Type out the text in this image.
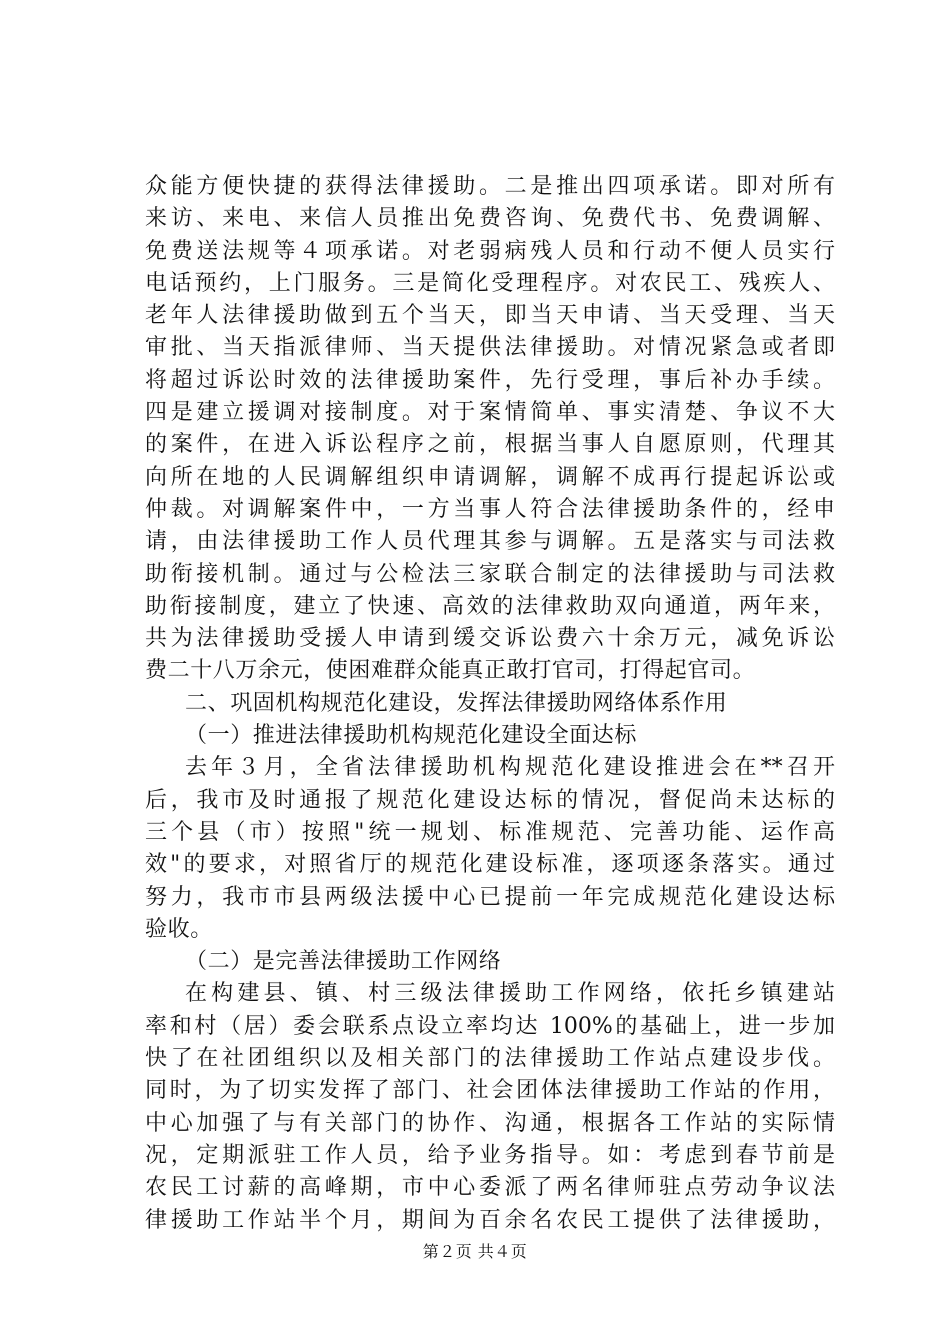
众能方便快捷的获得法律援助。二是推出四项承诺。即对所有
来访、来电、来信人员推出免费咨询、免费代书、免费调解、
免费送法规等４项承诺。对老弱病残人员和行动不便人员实行
电话预约，上门服务。三是简化受理程序。对农民工、残疾人、
老年人法律援助做到五个当天，即当天申请、当天受理、当天
审批、当天指派律师、当天提供法律援助。对情况紧急或者即
将超过诉讼时效的法律援助案件，先行受理，事后补办手续。
四是建立援调对接制度。对于案情简单、事实清楚、争议不大
的案件，在进入诉讼程序之前，根据当事人自愿原则，代理其
向所在地的人民调解组织申请调解，调解不成再行提起诉讼或
仲裁。对调解案件中，一方当事人符合法律援助条件的，经申
请，由法律援助工作人员代理其参与调解。五是落实与司法救
助衔接机制。通过与公检法三家联合制定的法律援助与司法救
助衔接制度，建立了快速、高效的法律救助双向通道，两年来，
共为法律援助受援人申请到缓交诉讼费六十余万元，减免诉讼
费二十八万余元，使困难群众能真正敢打官司，打得起官司。
二、巩固机构规范化建设，发挥法律援助网络体系作用
（一）推进法律援助机构规范化建设全面达标
去年３月，全省法律援助机构规范化建设推进会在**召开
后，我市及时通报了规范化建设达标的情况，督促尚未达标的
三个县（市）按照"统一规划、标准规范、完善功能、运作高
效"的要求，对照省厅的规范化建设标准，逐项逐条落实。通过
努力，我市市县两级法援中心已提前一年完成规范化建设达标
验收。
（二）是完善法律援助工作网络
在构建县、镇、村三级法律援助工作网络，依托乡镇建站
率和村（居）委会联系点设立率均达 100%的基础上，进一步加
快了在社团组织以及相关部门的法律援助工作站点建设步伐。
同时，为了切实发挥了部门、社会团体法律援助工作站的作用，
中心加强了与有关部门的协作、沟通，根据各工作站的实际情
况，定期派驻工作人员，给予业务指导。如：考虑到春节前是
农民工讨薪的高峰期，市中心委派了两名律师驻点劳动争议法
律援助工作站半个月，期间为百余名农民工提供了法律援助，
第２页 共４页
